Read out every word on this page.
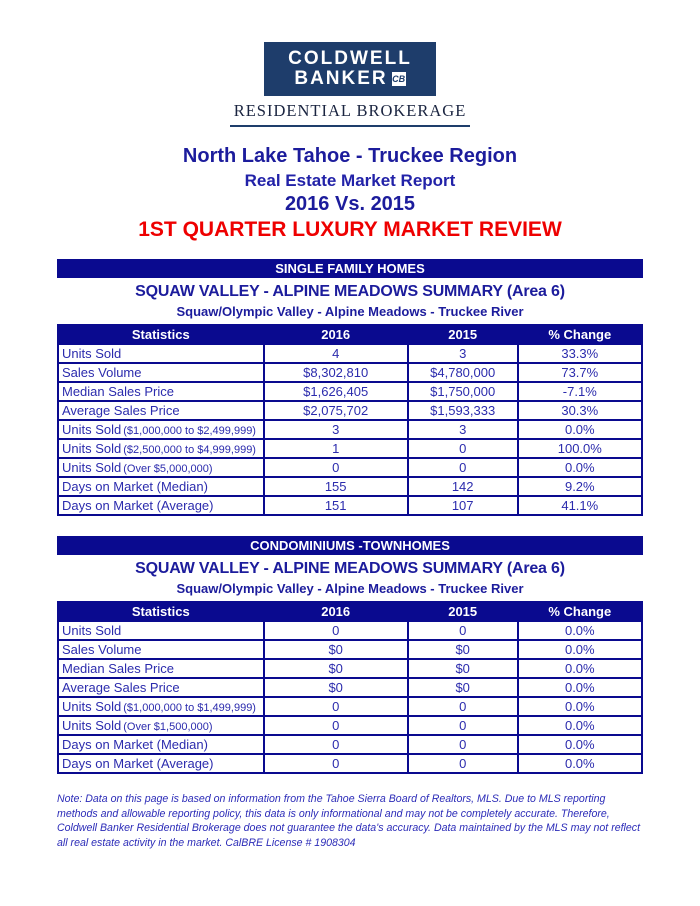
COLDWELL
BANKER CB
RESIDENTIAL BROKERAGE
North Lake Tahoe - Truckee Region
Real Estate Market Report
2016 Vs. 2015
1ST QUARTER LUXURY MARKET REVIEW
SINGLE FAMILY HOMES
SQUAW VALLEY - ALPINE MEADOWS SUMMARY (Area 6)
Squaw/Olympic Valley - Alpine Meadows - Truckee River
Statistics	2016	2015	% Change
Units Sold	4	3	33.3%
Sales Volume	$8,302,810	$4,780,000	73.7%
Median Sales Price	$1,626,405	$1,750,000	-7.1%
Average Sales Price	$2,075,702	$1,593,333	30.3%
Units Sold ($1,000,000 to $2,499,999)	3	3	0.0%
Units Sold ($2,500,000 to $4,999,999)	1	0	100.0%
Units Sold (Over $5,000,000)	0	0	0.0%
Days on Market (Median)	155	142	9.2%
Days on Market (Average)	151	107	41.1%
CONDOMINIUMS -TOWNHOMES
SQUAW VALLEY - ALPINE MEADOWS SUMMARY (Area 6)
Squaw/Olympic Valley - Alpine Meadows - Truckee River
Statistics	2016	2015	% Change
Units Sold	0	0	0.0%
Sales Volume	$0	$0	0.0%
Median Sales Price	$0	$0	0.0%
Average Sales Price	$0	$0	0.0%
Units Sold ($1,000,000 to $1,499,999)	0	0	0.0%
Units Sold (Over $1,500,000)	0	0	0.0%
Days on Market (Median)	0	0	0.0%
Days on Market (Average)	0	0	0.0%
Note: Data on this page is based on information from the Tahoe Sierra Board of Realtors, MLS. Due to MLS reporting methods and allowable reporting policy, this data is only informational and may not be completely accurate. Therefore, Coldwell Banker Residential Brokerage does not guarantee the data's accuracy. Data maintained by the MLS may not reflect all real estate activity in the market. CalBRE License # 1908304
